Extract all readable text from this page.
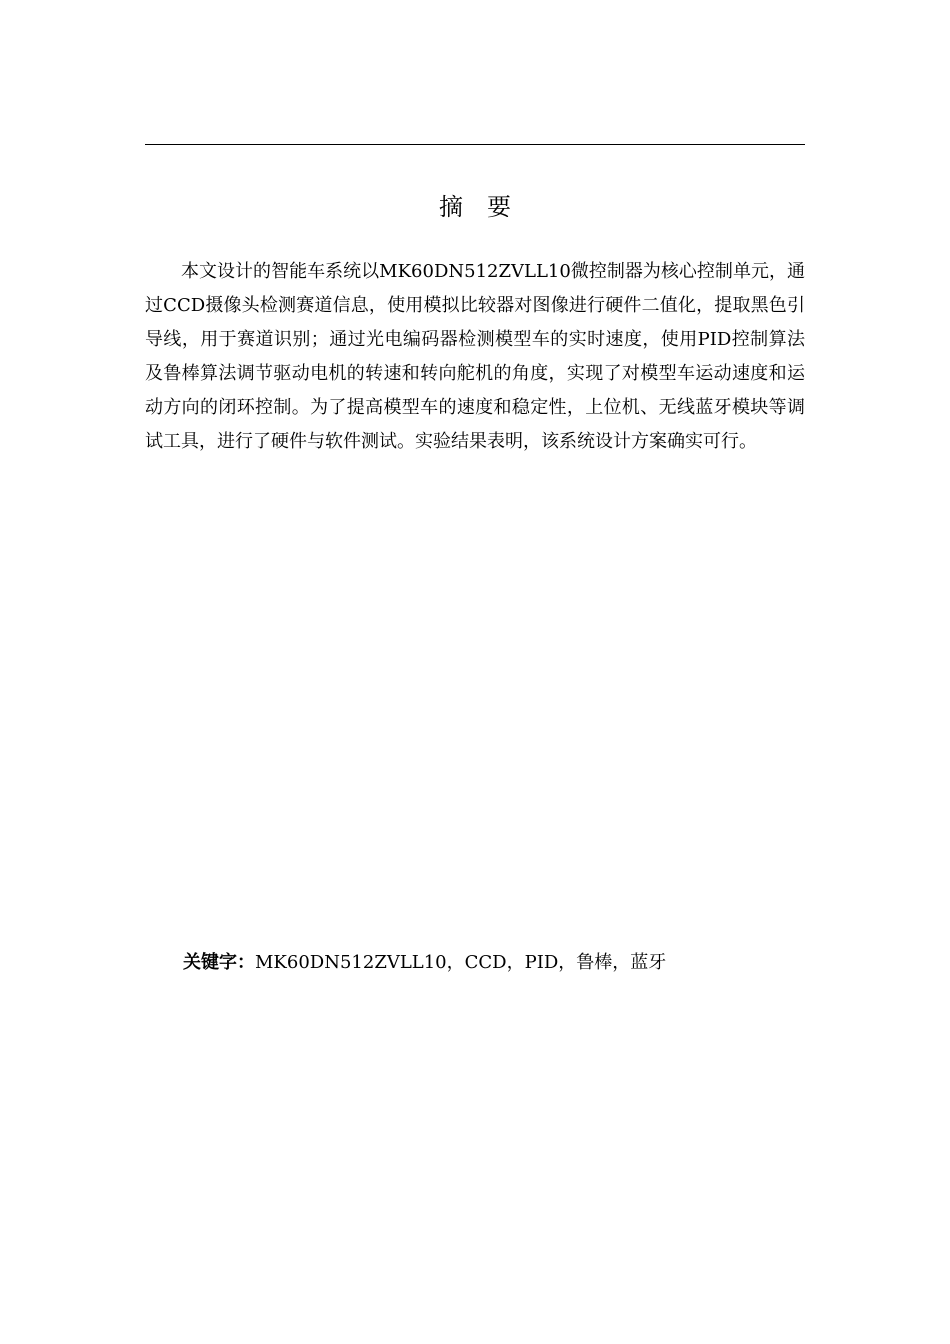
摘　要

本文设计的智能车系统以MK60DN512ZVLL10微控制器为核心控制单元，通过CCD摄像头检测赛道信息，使用模拟比较器对图像进行硬件二值化，提取黑色引导线，用于赛道识别；通过光电编码器检测模型车的实时速度，使用PID控制算法及鲁棒算法调节驱动电机的转速和转向舵机的角度，实现了对模型车运动速度和运动方向的闭环控制。为了提高模型车的速度和稳定性，上位机、无线蓝牙模块等调试工具，进行了硬件与软件测试。实验结果表明，该系统设计方案确实可行。

关键字：MK60DN512ZVLL10，CCD，PID，鲁棒，蓝牙
